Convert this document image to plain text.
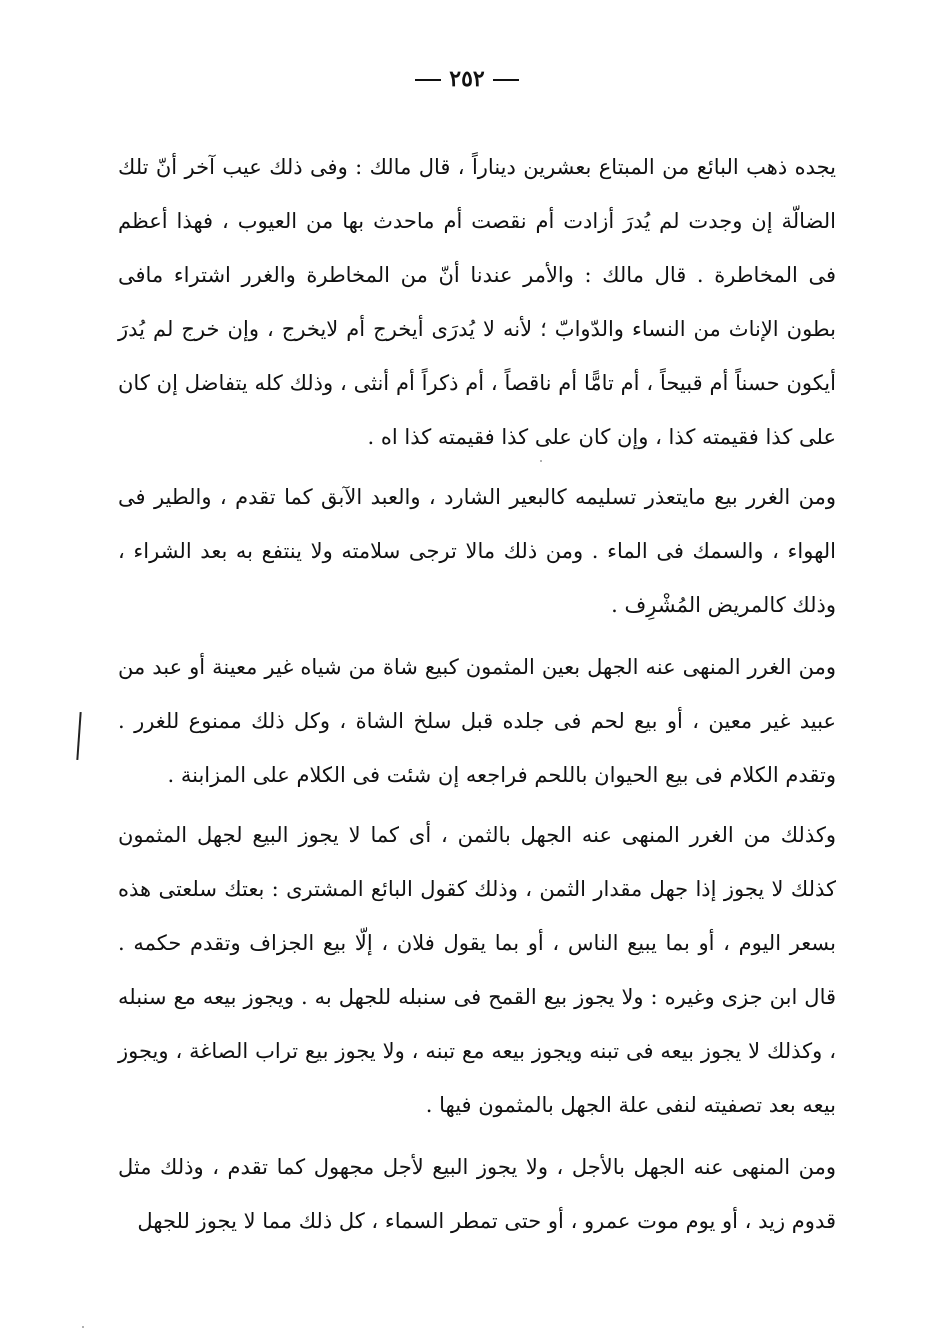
٢٥٢

يجده ذهب البائع من المبتاع بعشرين ديناراً ، قال مالك : وفى ذلك عيب آخر أنّ تلك الضالّة إن وجدت لم يُدرَ أزادت أم نقصت أم ماحدث بها من العيوب ، فهذا أعظم فى المخاطرة . قال مالك : والأمر عندنا أنّ من المخاطرة والغرر اشتراء مافى بطون الإناث من النساء والدّوابّ ؛ لأنه لا يُدرَى أيخرج أم لايخرج ، وإن خرج لم يُدرَ أيكون حسناً أم قبيحاً ، أم تامًّا أم ناقصاً ، أم ذكراً أم أنثى ، وذلك كله يتفاضل إن كان على كذا فقيمته كذا ، وإن كان على كذا فقيمته كذا اه .

ومن الغرر بيع مايتعذر تسليمه كالبعير الشارد ، والعبد الآبق كما تقدم ، والطير فى الهواء ، والسمك فى الماء . ومن ذلك مالا ترجى سلامته ولا ينتفع به بعد الشراء ، وذلك كالمريض المُشْرِف .

ومن الغرر المنهى عنه الجهل بعين المثمون كبيع شاة من شياه غير معينة أو عبد من عبيد غير معين ، أو بيع لحم فى جلده قبل سلخ الشاة ، وكل ذلك ممنوع للغرر . وتقدم الكلام فى بيع الحيوان باللحم فراجعه إن شئت فى الكلام على المزابنة .

وكذلك من الغرر المنهى عنه الجهل بالثمن ، أى كما لا يجوز البيع لجهل المثمون كذلك لا يجوز إذا جهل مقدار الثمن ، وذلك كقول البائع المشترى : بعتك سلعتى هذه بسعر اليوم ، أو بما يبيع الناس ، أو بما يقول فلان ، إلّا بيع الجزاف وتقدم حكمه . قال ابن جزى وغيره : ولا يجوز بيع القمح فى سنبله للجهل به . ويجوز بيعه مع سنبله ، وكذلك لا يجوز بيعه فى تبنه ويجوز بيعه مع تبنه ، ولا يجوز بيع تراب الصاغة ، ويجوز بيعه بعد تصفيته لنفى علة الجهل بالمثمون فيها .

ومن المنهى عنه الجهل بالأجل ، ولا يجوز البيع لأجل مجهول كما تقدم ، وذلك مثل قدوم زيد ، أو يوم موت عمرو ، أو حتى تمطر السماء ، كل ذلك مما لا يجوز للجهل
